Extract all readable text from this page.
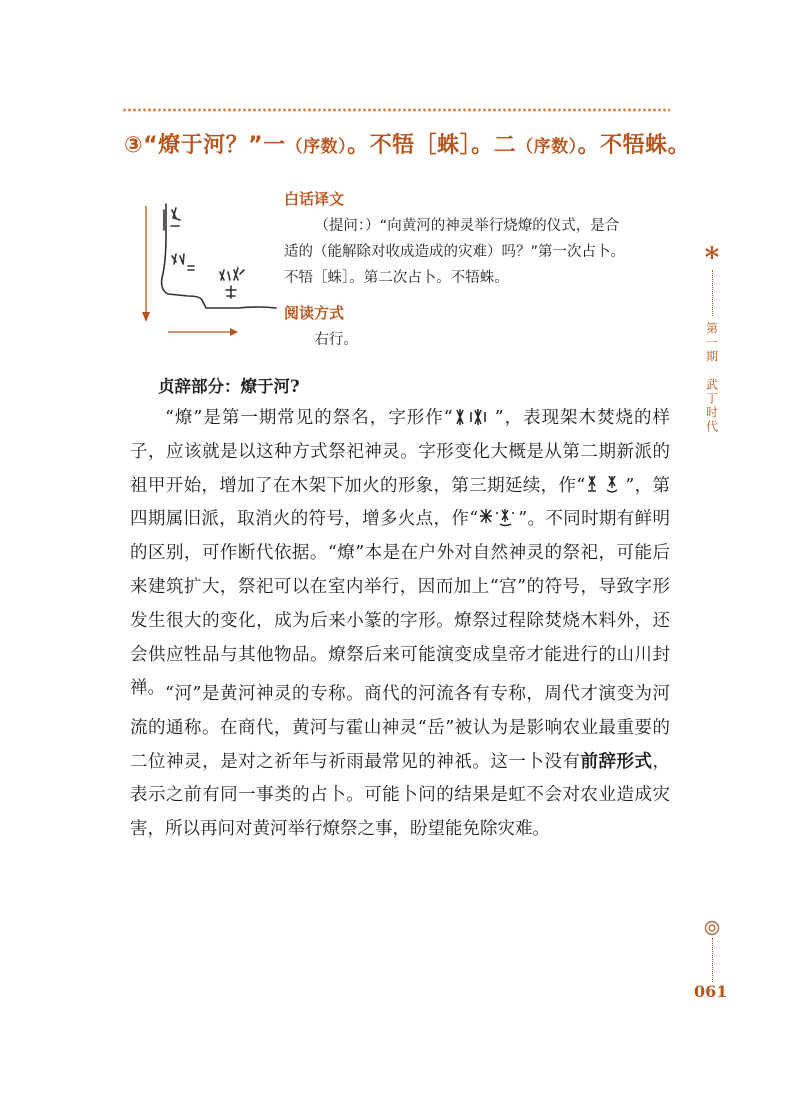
③“燎于河？”一（序数）。不牾［蛛］。二（序数）。不牾蛛。
白话译文
（提问：）“向黄河的神灵举行烧燎的仪式，是合
适的（能解除对收成造成的灾难）吗？”第一次占卜。
不牾［蛛］。第二次占卜。不牾蛛。
阅读方式
右行。
贞辞部分：燎于河?
“燎”是第一期常见的祭名，字形作“ ”，表现架木焚烧的样子，应该就是以这种方式祭祀神灵。字形变化大概是从第二期新派的祖甲开始，增加了在木架下加火的形象，第三期延续，作“ ”，第四期属旧派，取消火的符号，增多火点，作“ ”。不同时期有鲜明的区别，可作断代依据。“燎”本是在户外对自然神灵的祭祀，可能后来建筑扩大，祭祀可以在室内举行，因而加上“宫”的符号，导致字形发生很大的变化，成为后来小篆的字形。燎祭过程除焚烧木料外，还会供应牲品与其他物品。燎祭后来可能演变成皇帝才能进行的山川封禅。 “河”是黄河神灵的专称。商代的河流各有专称，周代才演变为河流的通称。在商代，黄河与霍山神灵“岳”被认为是影响农业最重要的二位神灵，是对之祈年与祈雨最常见的神祇。这一卜没有前辞形式，表示之前有同一事类的占卜。可能卜问的结果是虹不会对农业造成灾害，所以再问对黄河举行燎祭之事，盼望能免除灾难。
*
第一期　武丁时代
061
